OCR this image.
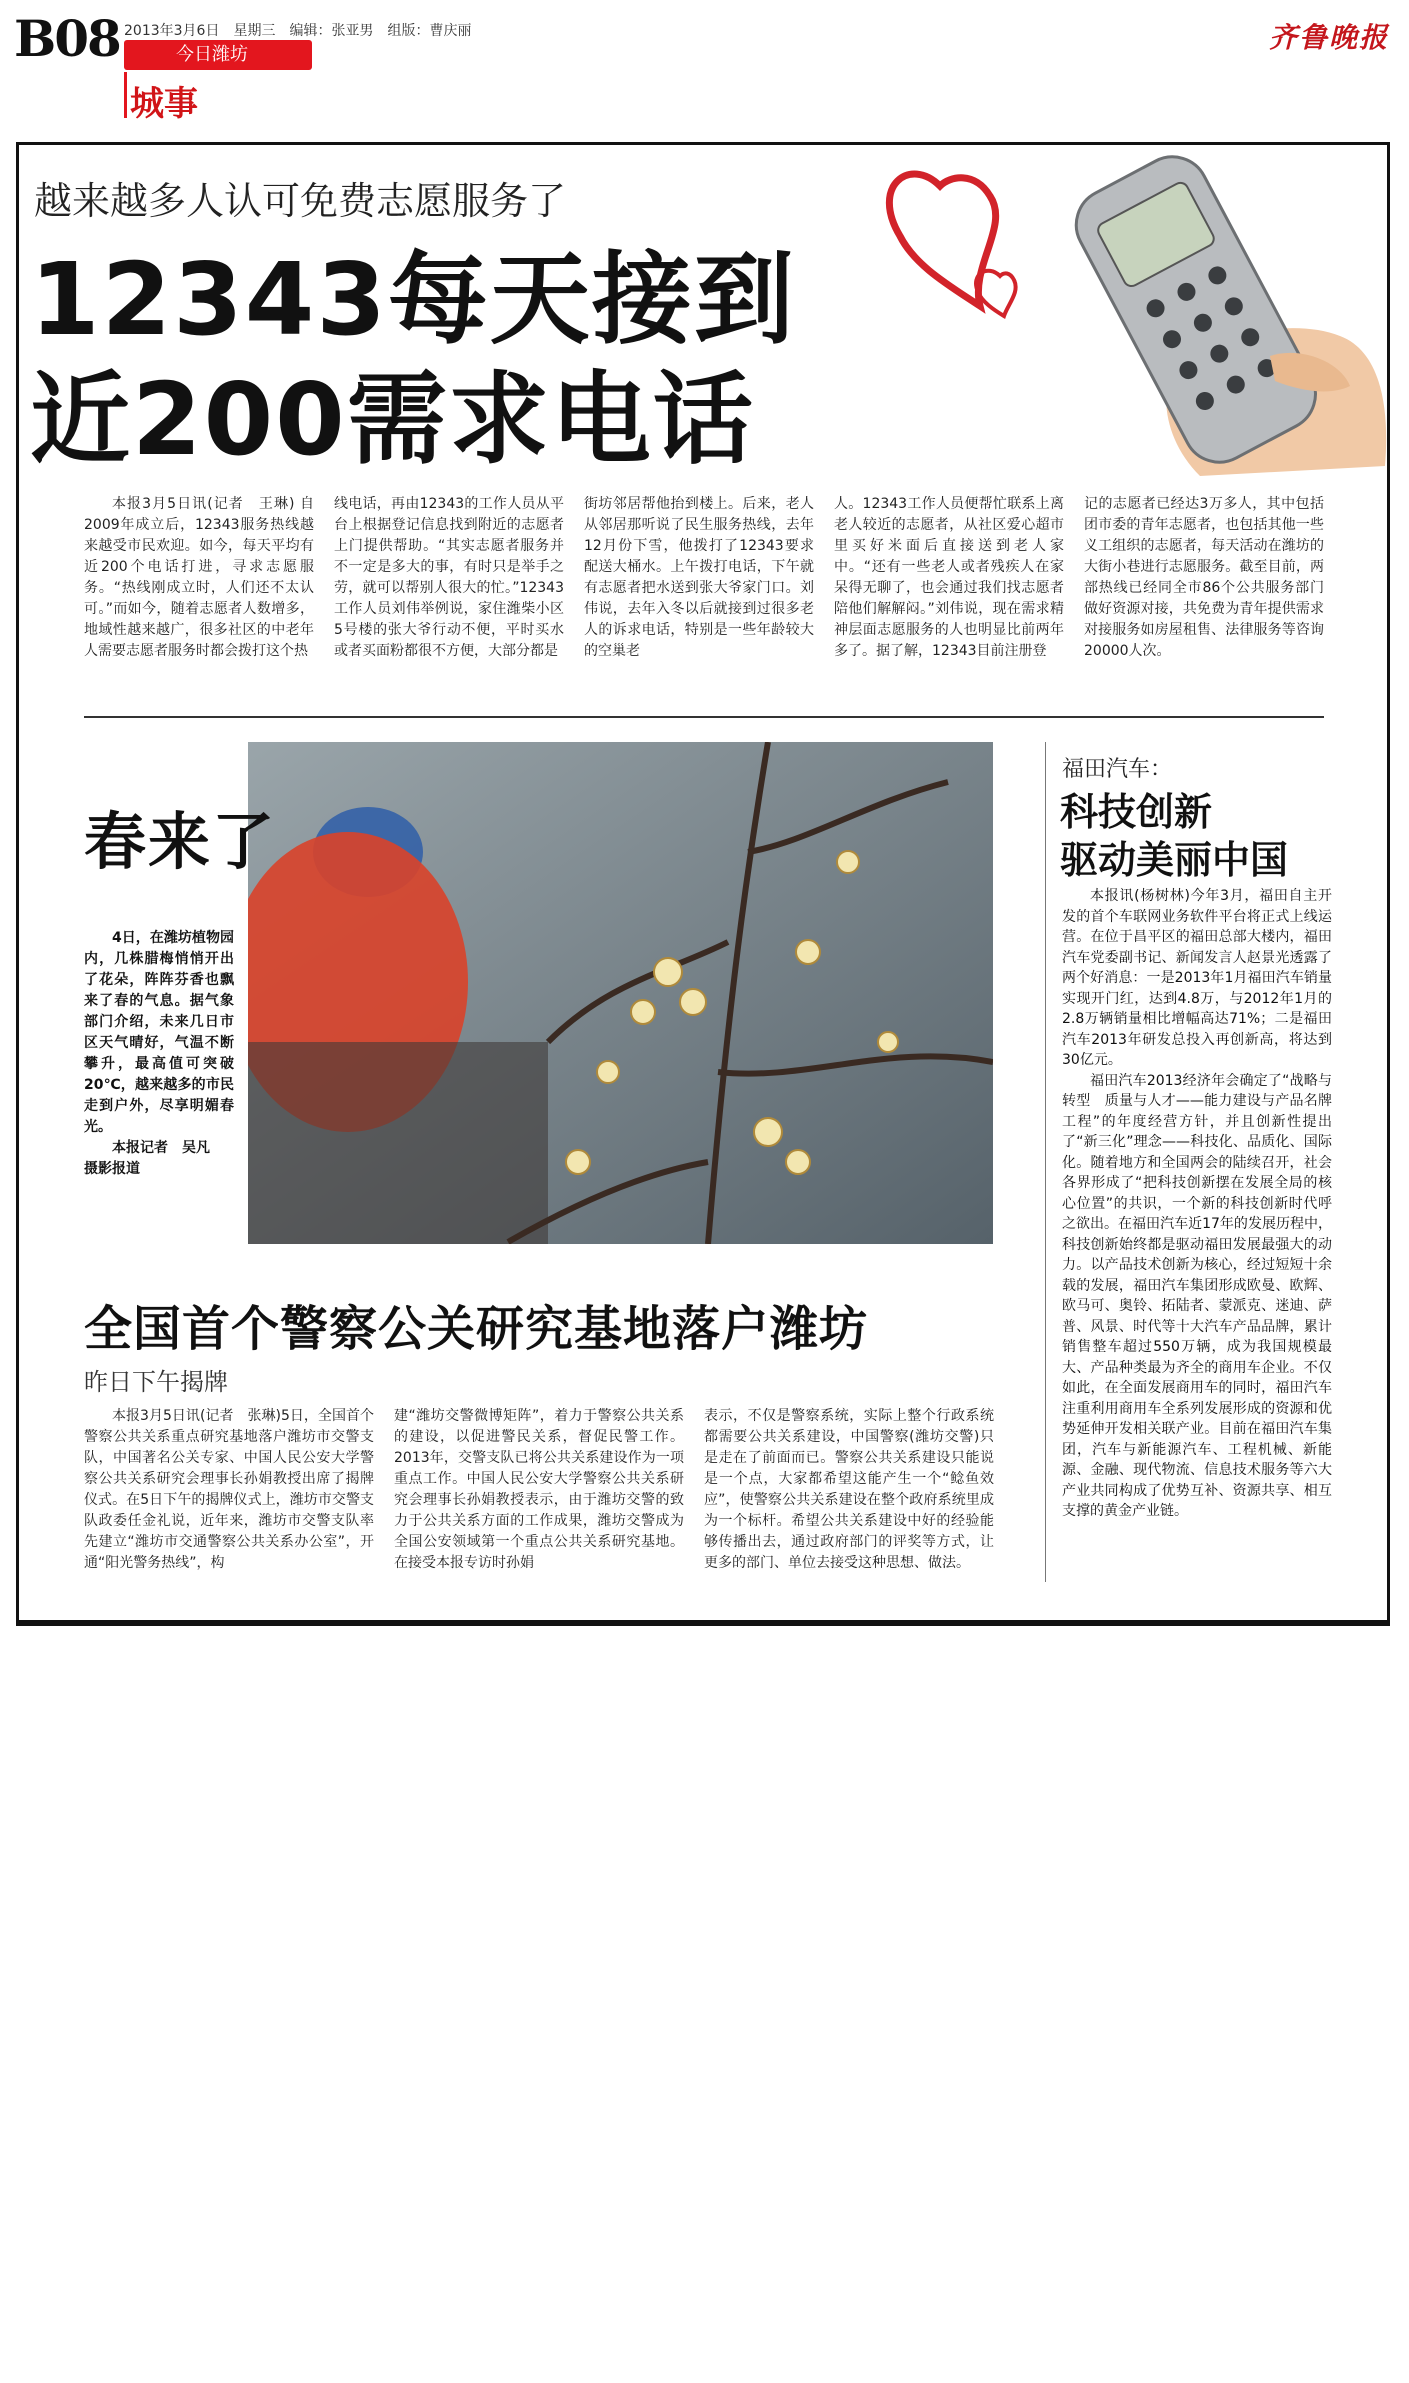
B08 2013年3月6日　星期三　编辑：张亚男　组版：曹庆丽
今日潍坊
城事
齐鲁晚报
越来越多人认可免费志愿服务了
12343每天接到
近200需求电话

本报3月5日讯(记者　王琳) 自2009年成立后，12343服务热线越来越受市民欢迎。如今，每天平均有近200个电话打进，寻求志愿服务。“热线刚成立时，人们还不太认可。”而如今，随着志愿者人数增多，地域性越来越广，很多社区的中老年人需要志愿者服务时都会拨打这个热

线电话，再由12343的工作人员从平台上根据登记信息找到附近的志愿者上门提供帮助。“其实志愿者服务并不一定是多大的事，有时只是举手之劳，就可以帮别人很大的忙。”12343工作人员刘伟举例说，家住潍柴小区5号楼的张大爷行动不便，平时买水或者买面粉都很不方便，大部分都是

街坊邻居帮他抬到楼上。后来，老人从邻居那听说了民生服务热线，去年12月份下雪，他拨打了12343要求配送大桶水。上午拨打电话，下午就有志愿者把水送到张大爷家门口。刘伟说，去年入冬以后就接到过很多老人的诉求电话，特别是一些年龄较大的空巢老

人。12343工作人员便帮忙联系上离老人较近的志愿者，从社区爱心超市里买好米面后直接送到老人家中。“还有一些老人或者残疾人在家呆得无聊了，也会通过我们找志愿者陪他们解解闷。”刘伟说，现在需求精神层面志愿服务的人也明显比前两年多了。据了解，12343目前注册登

记的志愿者已经达3万多人，其中包括团市委的青年志愿者，也包括其他一些义工组织的志愿者，每天活动在潍坊的大街小巷进行志愿服务。截至目前，两部热线已经同全市86个公共服务部门做好资源对接，共免费为青年提供需求对接服务如房屋租售、法律服务等咨询20000人次。

春来了

4日，在潍坊植物园内，几株腊梅悄悄开出了花朵，阵阵芬香也飘来了春的气息。据气象部门介绍，未来几日市区天气晴好，气温不断攀升，最高值可突破20℃，越来越多的市民走到户外，尽享明媚春光。

本报记者　吴凡

摄影报道

福田汽车：
科技创新
驱动美丽中国

本报讯(杨树林)今年3月，福田自主开发的首个车联网业务软件平台将正式上线运营。在位于昌平区的福田总部大楼内，福田汽车党委副书记、新闻发言人赵景光透露了两个好消息：一是2013年1月福田汽车销量实现开门红，达到4.8万，与2012年1月的2.8万辆销量相比增幅高达71%；二是福田汽车2013年研发总投入再创新高，将达到30亿元。

福田汽车2013经济年会确定了“战略与转型　质量与人才——能力建设与产品名牌工程”的年度经营方针，并且创新性提出了“新三化”理念——科技化、品质化、国际化。随着地方和全国两会的陆续召开，社会各界形成了“把科技创新摆在发展全局的核心位置”的共识，一个新的科技创新时代呼之欲出。在福田汽车近17年的发展历程中，科技创新始终都是驱动福田发展最强大的动力。以产品技术创新为核心，经过短短十余载的发展，福田汽车集团形成欧曼、欧辉、欧马可、奥铃、拓陆者、蒙派克、迷迪、萨普、风景、时代等十大汽车产品品牌，累计销售整车超过550万辆，成为我国规模最大、产品种类最为齐全的商用车企业。不仅如此，在全面发展商用车的同时，福田汽车注重利用商用车全系列发展形成的资源和优势延伸开发相关联产业。目前在福田汽车集团，汽车与新能源汽车、工程机械、新能源、金融、现代物流、信息技术服务等六大产业共同构成了优势互补、资源共享、相互支撑的黄金产业链。

全国首个警察公关研究基地落户潍坊
昨日下午揭牌

本报3月5日讯(记者　张琳)5日，全国首个警察公共关系重点研究基地落户潍坊市交警支队，中国著名公关专家、中国人民公安大学警察公共关系研究会理事长孙娟教授出席了揭牌仪式。在5日下午的揭牌仪式上，潍坊市交警支队政委任金礼说，近年来，潍坊市交警支队率先建立“潍坊市交通警察公共关系办公室”，开通“阳光警务热线”，构

建“潍坊交警微博矩阵”，着力于警察公共关系的建设，以促进警民关系，督促民警工作。2013年，交警支队已将公共关系建设作为一项重点工作。中国人民公安大学警察公共关系研究会理事长孙娟教授表示，由于潍坊交警的致力于公共关系方面的工作成果，潍坊交警成为全国公安领域第一个重点公共关系研究基地。在接受本报专访时孙娟

表示，不仅是警察系统，实际上整个行政系统都需要公共关系建设，中国警察(潍坊交警)只是走在了前面而已。警察公共关系建设只能说是一个点，大家都希望这能产生一个“鲶鱼效应”，使警察公共关系建设在整个政府系统里成为一个标杆。希望公共关系建设中好的经验能够传播出去，通过政府部门的评奖等方式，让更多的部门、单位去接受这种思想、做法。
